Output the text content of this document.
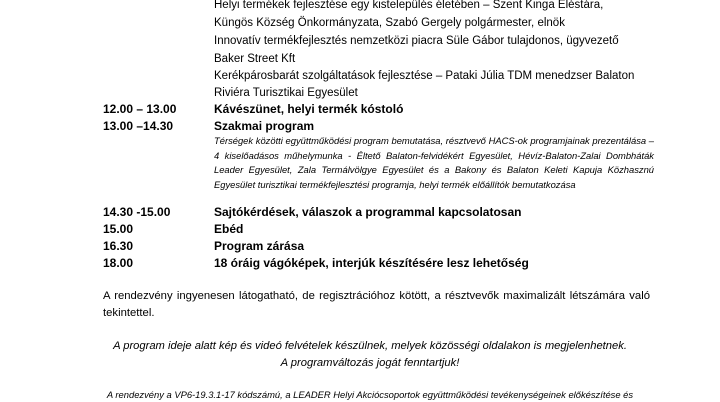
Helyi termékek fejlesztése egy kistelepülés életében – Szent Kinga Éléstára,
Küngös Község Önkormányzata, Szabó Gergely polgármester, elnök
Innovatív termékfejlesztés nemzetközi piacra Süle Gábor tulajdonos, ügyvezető
Baker Street Kft
Kerékpárosbarát szolgáltatások fejlesztése – Pataki Júlia TDM menedzser Balaton
Riviéra Turisztikai Egyesület
12.00 – 13.00	Kávészünet, helyi termék kóstoló
13.00 –14.30	Szakmai program
Térségek közötti együttműködési program bemutatása, résztvevő HACS-ok programjainak prezentálása – 4 kiselőadásos műhelymunka - Éltető Balaton-felvidékért Egyesület, Hévíz-Balaton-Zalai Dombháták Leader Egyesület, Zala Termálvölgye Egyesület és a Bakony és Balaton Keleti Kapuja Közhasznú Egyesület turisztikai termékfejlesztési programja, helyi termék előállítók bemutatkozása
14.30 -15.00	Sajtókérdések, válaszok a programmal kapcsolatosan
15.00	Ebéd
16.30	Program zárása
18.00	18 óráig vágóképek, interjúk készítésére lesz lehetőség
A rendezvény ingyenesen látogatható, de regisztrációhoz kötött, a résztvevők maximalizált létszámára való tekintettel.
A program ideje alatt kép és videó felvételek készülnek, melyek közösségi oldalakon is megjelenhetnek.
A programváltozás jogát fenntartjuk!
A rendezvény a VP6-19.3.1-17 kódszámú, a LEADER Helyi Akciócsoportok együttműködési tevékenységeinek előkészítése és
